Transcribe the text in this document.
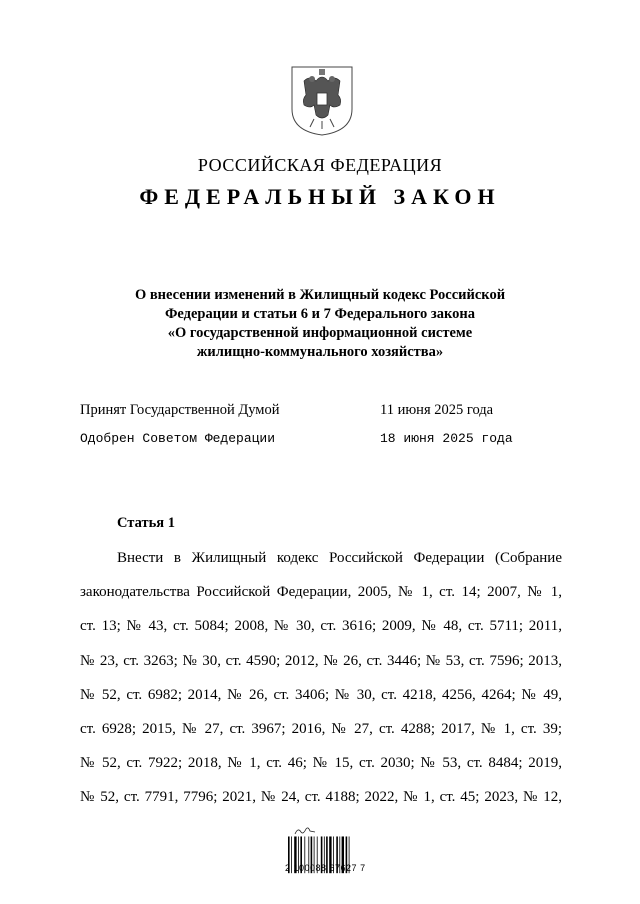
РОССИЙСКАЯ ФЕДЕРАЦИЯ
ФЕДЕРАЛЬНЫЙ ЗАКОН
О внесении изменений в Жилищный кодекс Российской
Федерации и статьи 6 и 7 Федерального закона
«О государственной информационной системе
жилищно-коммунального хозяйства»
Принят Государственной Думой	11 июня 2025 года
Одобрен Советом Федерации	18 июня 2025 года
Статья 1
Внести в Жилищный кодекс Российской Федерации (Собрание
законодательства Российской Федерации, 2005, № 1, ст. 14; 2007, № 1,
ст. 13; № 43, ст. 5084; 2008, № 30, ст. 3616; 2009, № 48, ст. 5711; 2011,
№ 23, ст. 3263; № 30, ст. 4590; 2012, № 26, ст. 3446; № 53, ст. 7596; 2013,
№ 52, ст. 6982; 2014, № 26, ст. 3406; № 30, ст. 4218, 4256, 4264; № 49,
ст. 6928; 2015, № 27, ст. 3967; 2016, № 27, ст. 4288; 2017, № 1, ст. 39;
№ 52, ст. 7922; 2018, № 1, ст. 46; № 15, ст. 2030; № 53, ст. 8484; 2019,
№ 52, ст. 7791, 7796; 2021, № 24, ст. 4188; 2022, № 1, ст. 45; 2023, № 12,
2 100088 67627 7
